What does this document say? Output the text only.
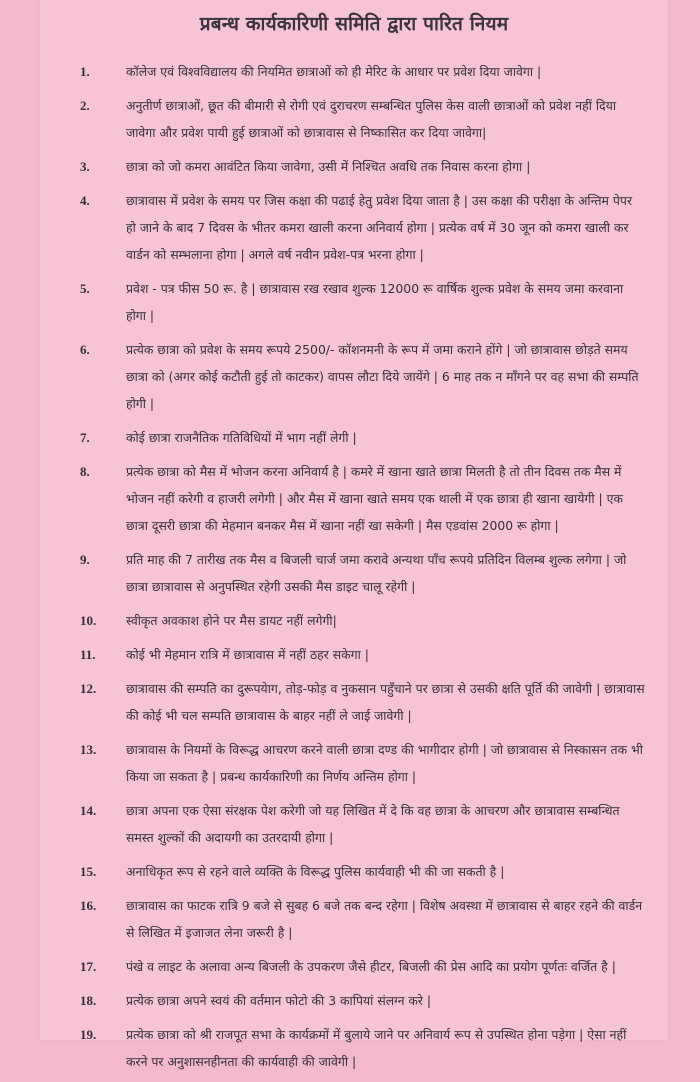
प्रबन्ध कार्यकारिणी समिति द्वारा पारित नियम
1.	कॉलेज एवं विश्वविद्यालय की नियमित छात्राओं को ही मेरिट के आधार पर प्रवेश दिया जावेगा |
2.	अनुतीर्ण छात्राओं, छूत की बीमारी से रोगी एवं दुराचरण सम्बन्धित पुलिस केस वाली छात्राओं को प्रवेश नहीं दिया जावेगा और प्रवेश पायी हुई छात्राओं को छात्रावास से निष्कासित कर दिया जावेगा|
3.	छात्रा को जो कमरा आवंटित किया जावेगा, उसी में निश्चित अवधि तक निवास करना होगा |
4.	छात्रावास में प्रवेश के समय पर जिस कक्षा की पढाई हेतु प्रवेश दिया जाता है | उस कक्षा की परीक्षा के अन्तिम पेपर हो जाने के बाद 7 दिवस के भीतर कमरा खाली करना अनिवार्य होगा | प्रत्येक वर्ष में 30 जून को कमरा खाली कर वार्डन को सम्भलाना होगा | अगले वर्ष नवीन प्रवेश-पत्र भरना होगा |
5.	प्रवेश - पत्र फीस 50 रू. है | छात्रावास रख रखाव शुल्क 12000 रू वार्षिक शुल्क प्रवेश के समय जमा करवाना होगा |
6.	प्रत्येक छात्रा को प्रवेश के समय रूपये 2500/- कॉशनमनी के रूप में जमा कराने होंगे | जो छात्रावास छोड़ते समय छात्रा को (अगर कोई कटौती हुई तो काटकर) वापस लौटा दिये जायेंगे | 6 माह तक न माँगने पर वह सभा की सम्पति होगी |
7.	कोई छात्रा राजनैतिक गतिविधियों में भाग नहीं लेगी |
8.	प्रत्येक छात्रा को मैस में भोजन करना अनिवार्य है | कमरे में खाना खाते छात्रा मिलती है तो तीन दिवस तक मैस में भोजन नहीं करेगी व हाजरी लगेगी | और मैस में खाना खाते समय एक थाली में एक छात्रा ही खाना खायेगी | एक छात्रा दूसरी छात्रा की मेहमान बनकर मैस में खाना नहीं खा सकेगी | मैस एडवांस 2000 रू होगा |
9.	प्रति माह की 7 तारीख तक मैस व बिजली चार्ज जमा करावे अन्यथा पाँच रूपये प्रतिदिन विलम्ब शुल्क लगेगा | जो छात्रा छात्रावास से अनुपस्थित रहेगी उसकी मैस डाइट चालू रहेगी |
10.	स्वीकृत अवकाश होने पर मैस डायट नहीं लगेगी|
11.	कोई भी मेहमान रात्रि में छात्रावास में नहीं ठहर सकेगा |
12.	छात्रावास की सम्पति का दुरूपयेाग, तोड़-फोड़ व नुकसान पहुँचाने पर छात्रा से उसकी क्षति पूर्ति की जावेगी | छात्रावास की कोई भी चल सम्पति छात्रावास के बाहर नहीं ले जाई जावेगी |
13.	छात्रावास के नियमों के विरूद्ध आचरण करने वाली छात्रा दण्ड की भागीदार होगी | जो छात्रावास से निस्कासन तक भी किया जा सकता है | प्रबन्ध कार्यकारिणी का निर्णय अन्तिम होगा |
14.	छात्रा अपना एक ऐसा संरक्षक पेश करेगी जो यह लिखित में दे कि वह छात्रा के आचरण और छात्रावास सम्बन्धित समस्त शुल्कों की अदायगी का उतरदायी होगा |
15.	अनाधिकृत रूप से रहने वाले व्यक्ति के विरूद्ध पुलिस कार्यवाही भी की जा सकती है |
16.	छात्रावास का फाटक रात्रि 9 बजे से सुबह 6 बजे तक बन्द रहेगा | विशेष अवस्था में छात्रावास से बाहर रहने की वार्डन से लिखित में इजाजत लेना जरूरी है |
17.	पंखे व लाइट के अलावा अन्य बिजली के उपकरण जैसे हीटर, बिजली की प्रेस आदि का प्रयोग पूर्णतः वर्जित है |
18.	प्रत्येक छात्रा अपने स्वयं की वर्तमान फोटो की 3 कापियां संलग्न करे |
19.	प्रत्येक छात्रा को श्री राजपूत सभा के कार्यक्रमों में बुलाये जाने पर अनिवार्य रूप से उपस्थित होना पड़ेगा | ऐसा नहीं करने पर अनुशासनहीनता की कार्यवाही की जावेगी |
